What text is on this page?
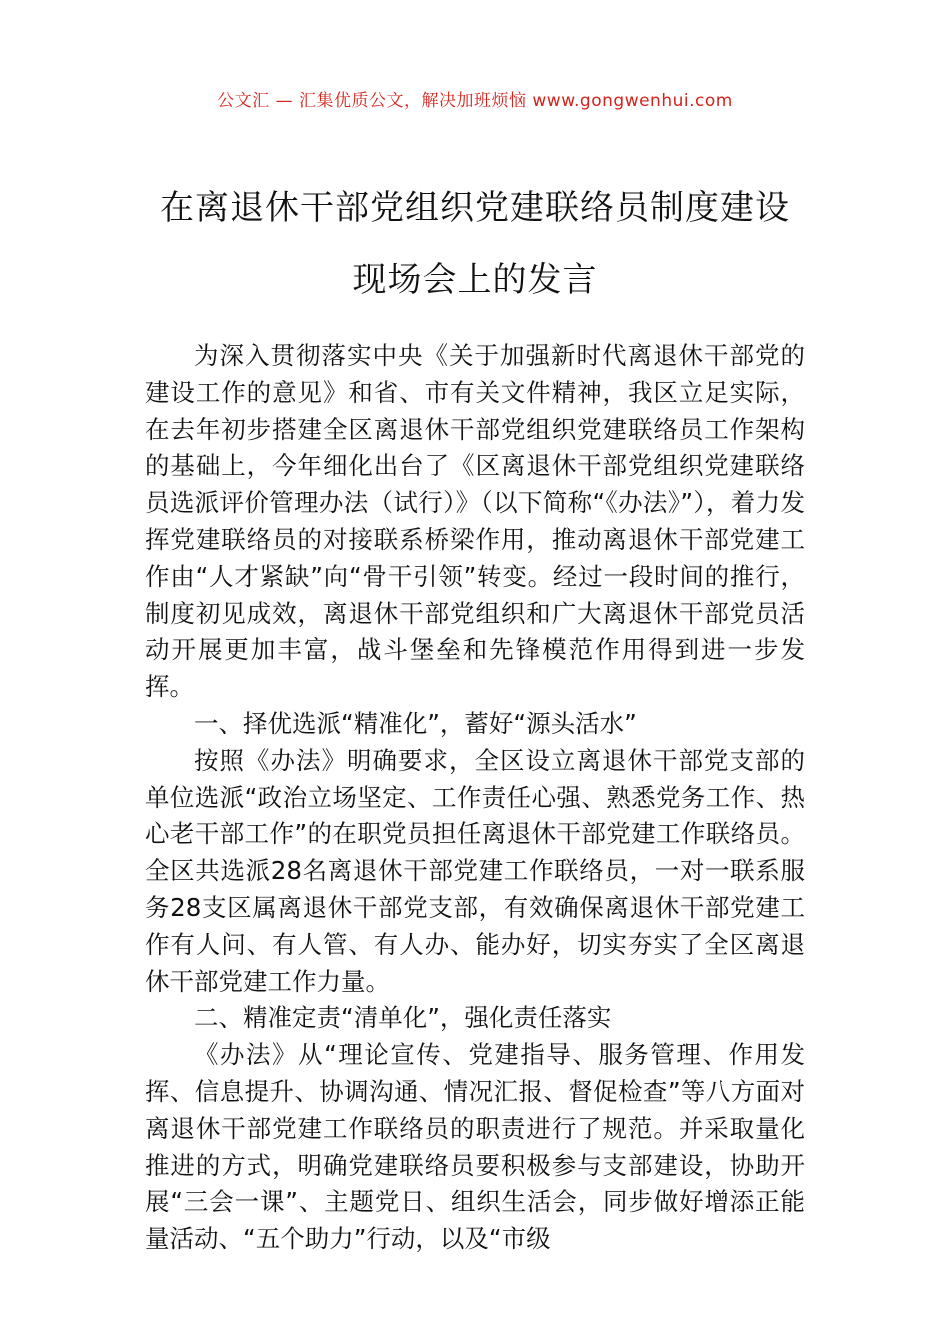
公文汇 — 汇集优质公文，解决加班烦恼 www.gongwenhui.com
在离退休干部党组织党建联络员制度建设
现场会上的发言

为深入贯彻落实中央《关于加强新时代离退休干部党的建设工作的意见》和省、市有关文件精神，我区立足实际，在去年初步搭建全区离退休干部党组织党建联络员工作架构的基础上，今年细化出台了《区离退休干部党组织党建联络员选派评价管理办法（试行）》（以下简称“《办法》”），着力发挥党建联络员的对接联系桥梁作用，推动离退休干部党建工作由“人才紧缺”向“骨干引领”转变。经过一段时间的推行，制度初见成效，离退休干部党组织和广大离退休干部党员活动开展更加丰富，战斗堡垒和先锋模范作用得到进一步发挥。

一、择优选派“精准化”，蓄好“源头活水”

按照《办法》明确要求，全区设立离退休干部党支部的单位选派“政治立场坚定、工作责任心强、熟悉党务工作、热心老干部工作”的在职党员担任离退休干部党建工作联络员。全区共选派28名离退休干部党建工作联络员，一对一联系服务28支区属离退休干部党支部，有效确保离退休干部党建工作有人问、有人管、有人办、能办好，切实夯实了全区离退休干部党建工作力量。

二、精准定责“清单化”，强化责任落实

《办法》从“理论宣传、党建指导、服务管理、作用发挥、信息提升、协调沟通、情况汇报、督促检查”等八方面对离退休干部党建工作联络员的职责进行了规范。并采取量化推进的方式，明确党建联络员要积极参与支部建设，协助开展“三会一课”、主题党日、组织生活会，同步做好增添正能量活动、“五个助力”行动，以及“市级
